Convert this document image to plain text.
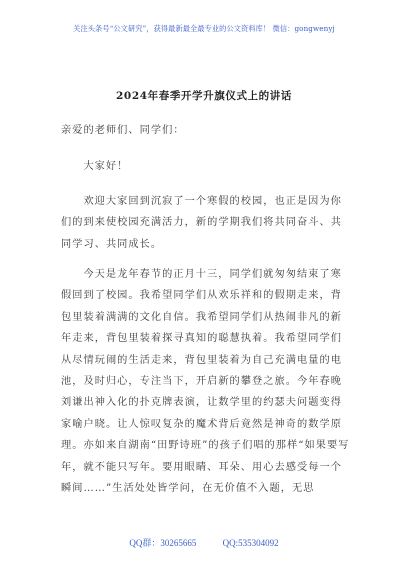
关注头条号“公文研究”，获得最新最全最专业的公文资料库！ 微信：gongwenyj
2024年春季开学升旗仪式上的讲话

亲爱的老师们、同学们：

大家好！

欢迎大家回到沉寂了一个寒假的校园，也正是因为你们的到来使校园充满活力，新的学期我们将共同奋斗、共同学习、共同成长。

今天是龙年春节的正月十三，同学们就匆匆结束了寒假回到了校园。我希望同学们从欢乐祥和的假期走来，背包里装着满满的文化自信。我希望同学们从热闹非凡的新年走来，背包里装着探寻真知的聪慧执着。我希望同学们从尽情玩闹的生活走来，背包里装着为自己充满电量的电池，及时归心，专注当下，开启新的攀登之旅。今年春晚刘谦出神入化的扑克牌表演，让数学里的约瑟夫问题变得家喻户晓。让人惊叹复杂的魔术背后竟然是神奇的数学原理。亦如来自湖南“田野诗班”的孩子们唱的那样“如果要写年，就不能只写年。要用眼睛、耳朵、用心去感受每一个瞬间……”生活处处皆学问，在无价值不入题，无思

QQ群：30265665	QQ:535304092
